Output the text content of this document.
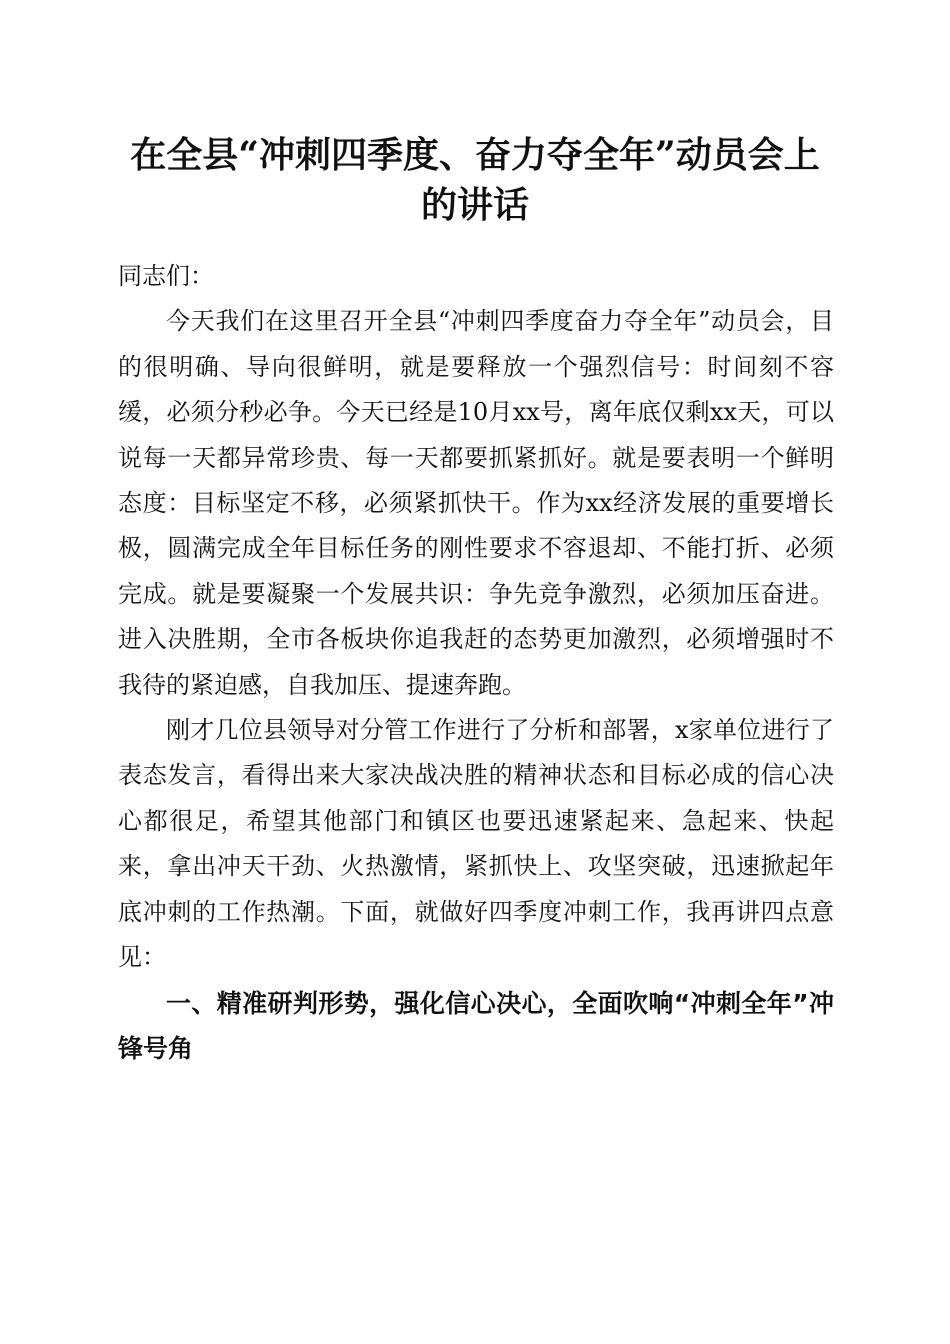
在全县“冲刺四季度、奋力夺全年”动员会上
的讲话

同志们：

今天我们在这里召开全县“冲刺四季度奋力夺全年”动员会，目的很明确、导向很鲜明，就是要释放一个强烈信号：时间刻不容缓，必须分秒必争。今天已经是10月xx号，离年底仅剩xx天，可以说每一天都异常珍贵、每一天都要抓紧抓好。就是要表明一个鲜明态度：目标坚定不移，必须紧抓快干。作为xx经济发展的重要增长极，圆满完成全年目标任务的刚性要求不容退却、不能打折、必须完成。就是要凝聚一个发展共识：争先竞争激烈，必须加压奋进。进入决胜期，全市各板块你追我赶的态势更加激烈，必须增强时不我待的紧迫感，自我加压、提速奔跑。

刚才几位县领导对分管工作进行了分析和部署，x家单位进行了表态发言，看得出来大家决战决胜的精神状态和目标必成的信心决心都很足，希望其他部门和镇区也要迅速紧起来、急起来、快起来，拿出冲天干劲、火热激情，紧抓快上、攻坚突破，迅速掀起年底冲刺的工作热潮。下面，就做好四季度冲刺工作，我再讲四点意见：

一、精准研判形势，强化信心决心，全面吹响“冲刺全年”冲锋号角
